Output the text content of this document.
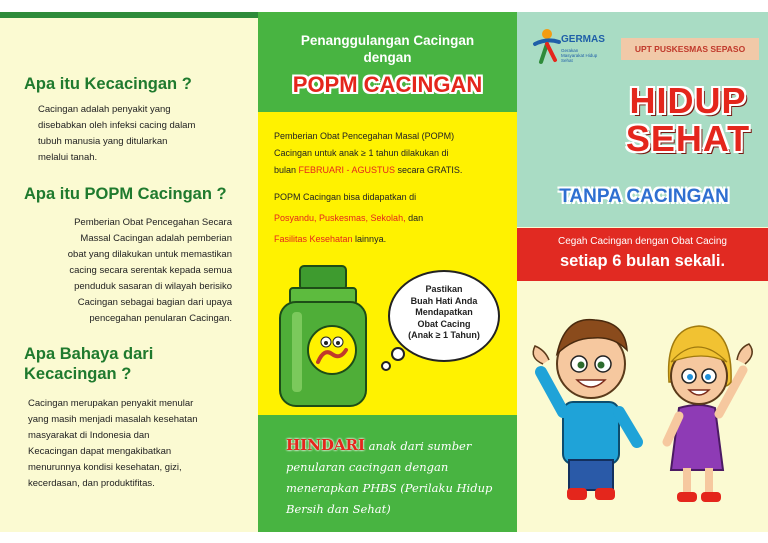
Apa itu Kecacingan ?
Cacingan adalah penyakit yang
disebabkan oleh infeksi cacing dalam
tubuh manusia yang ditularkan
melalui tanah.
Apa itu POPM Cacingan ?
Pemberian Obat Pencegahan Secara
Massal Cacingan adalah pemberian
obat yang dilakukan untuk memastikan
cacing secara serentak kepada semua
penduduk sasaran di wilayah berisiko
Cacingan sebagai bagian dari upaya
pencegahan penularan Cacingan.
Apa Bahaya dari
Kecacingan ?
Cacingan merupakan penyakit menular
yang masih menjadi masalah kesehatan
masyarakat di Indonesia dan
Kecacingan dapat mengakibatkan
menurunnya kondisi kesehatan, gizi,
kecerdasan, dan produktifitas.
Penanggulangan Cacingan
dengan
POPM CACINGAN
Pemberian Obat Pencegahan Masal (POPM)
Cacingan untuk anak ≥ 1 tahun dilakukan di
bulan FEBRUARI - AGUSTUS secara GRATIS.
POPM Cacingan bisa didapatkan di
Posyandu, Puskesmas, Sekolah, dan
Fasilitas Kesehatan lainnya.
Pastikan
Buah Hati Anda
Mendapatkan
Obat Cacing
(Anak ≥ 1 Tahun)
HINDARI anak dari sumber
penularan cacingan dengan
menerapkan PHBS (Perilaku Hidup
Bersih dan Sehat)
GERMAS
Gerakan Masyarakat Hidup Sehat
UPT PUSKESMAS SEPASO
HIDUP
SEHAT
TANPA CACINGAN
Cegah Cacingan dengan Obat Cacing
setiap 6 bulan sekali.
